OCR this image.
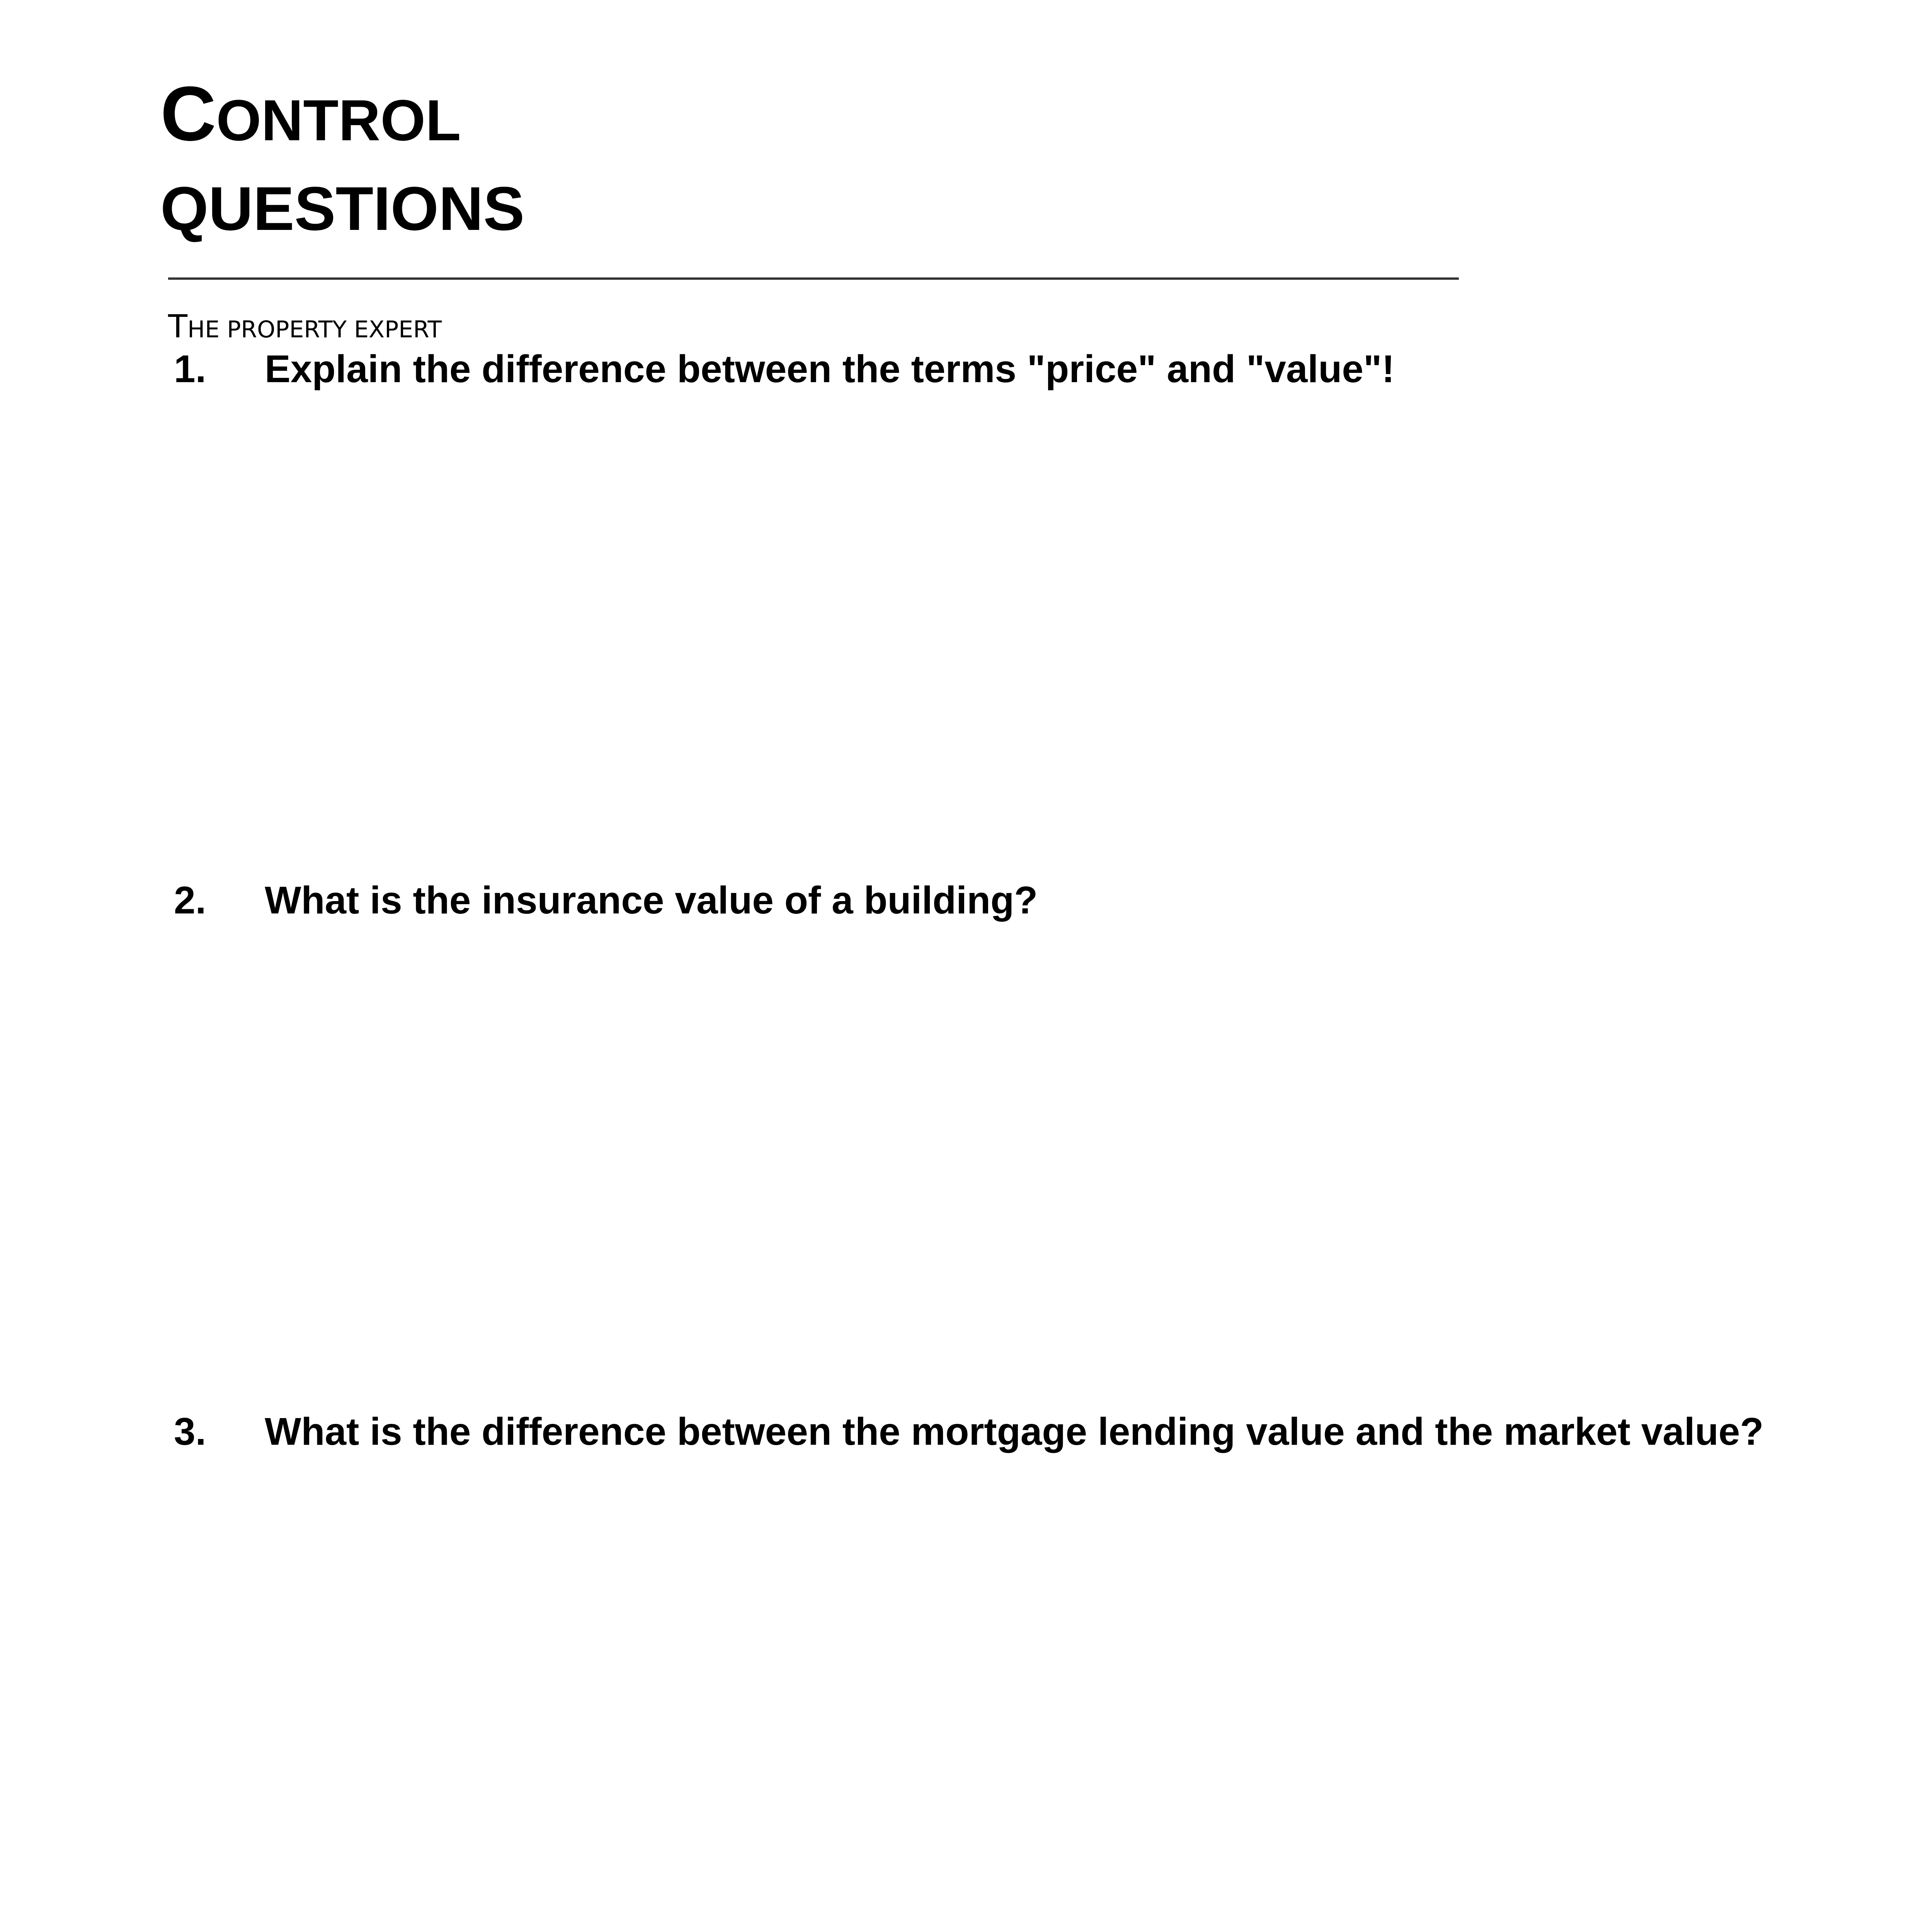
CONTROL
QUESTIONS
THE PROPERTY EXPERT
1. Explain the difference between the terms "price" and "value"!
2. What is the insurance value of a building?
3. What is the difference between the mortgage lending value and the market value?
